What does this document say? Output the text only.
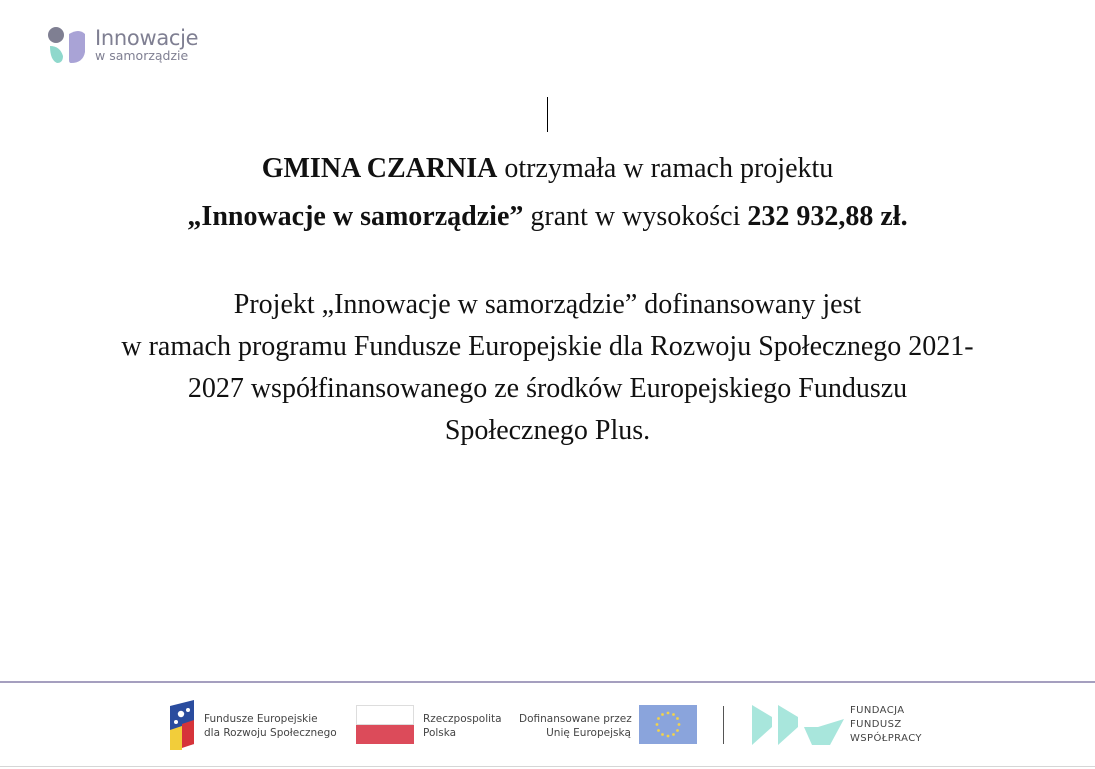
Innowacje
w samorządzie
GMINA CZARNIA otrzymała w ramach projektu
„Innowacje w samorządzie” grant w wysokości 232 932,88 zł.
Projekt „Innowacje w samorządzie” dofinansowany jest
w ramach programu Fundusze Europejskie dla Rozwoju Społecznego 2021-
2027 współfinansowanego ze środków Europejskiego Funduszu
Społecznego Plus.
Fundusze Europejskie
dla Rozwoju Społecznego
Rzeczpospolita
Polska
Dofinansowane przez
Unię Europejską
FUNDACJA
FUNDUSZ
WSPÓŁPRACY
